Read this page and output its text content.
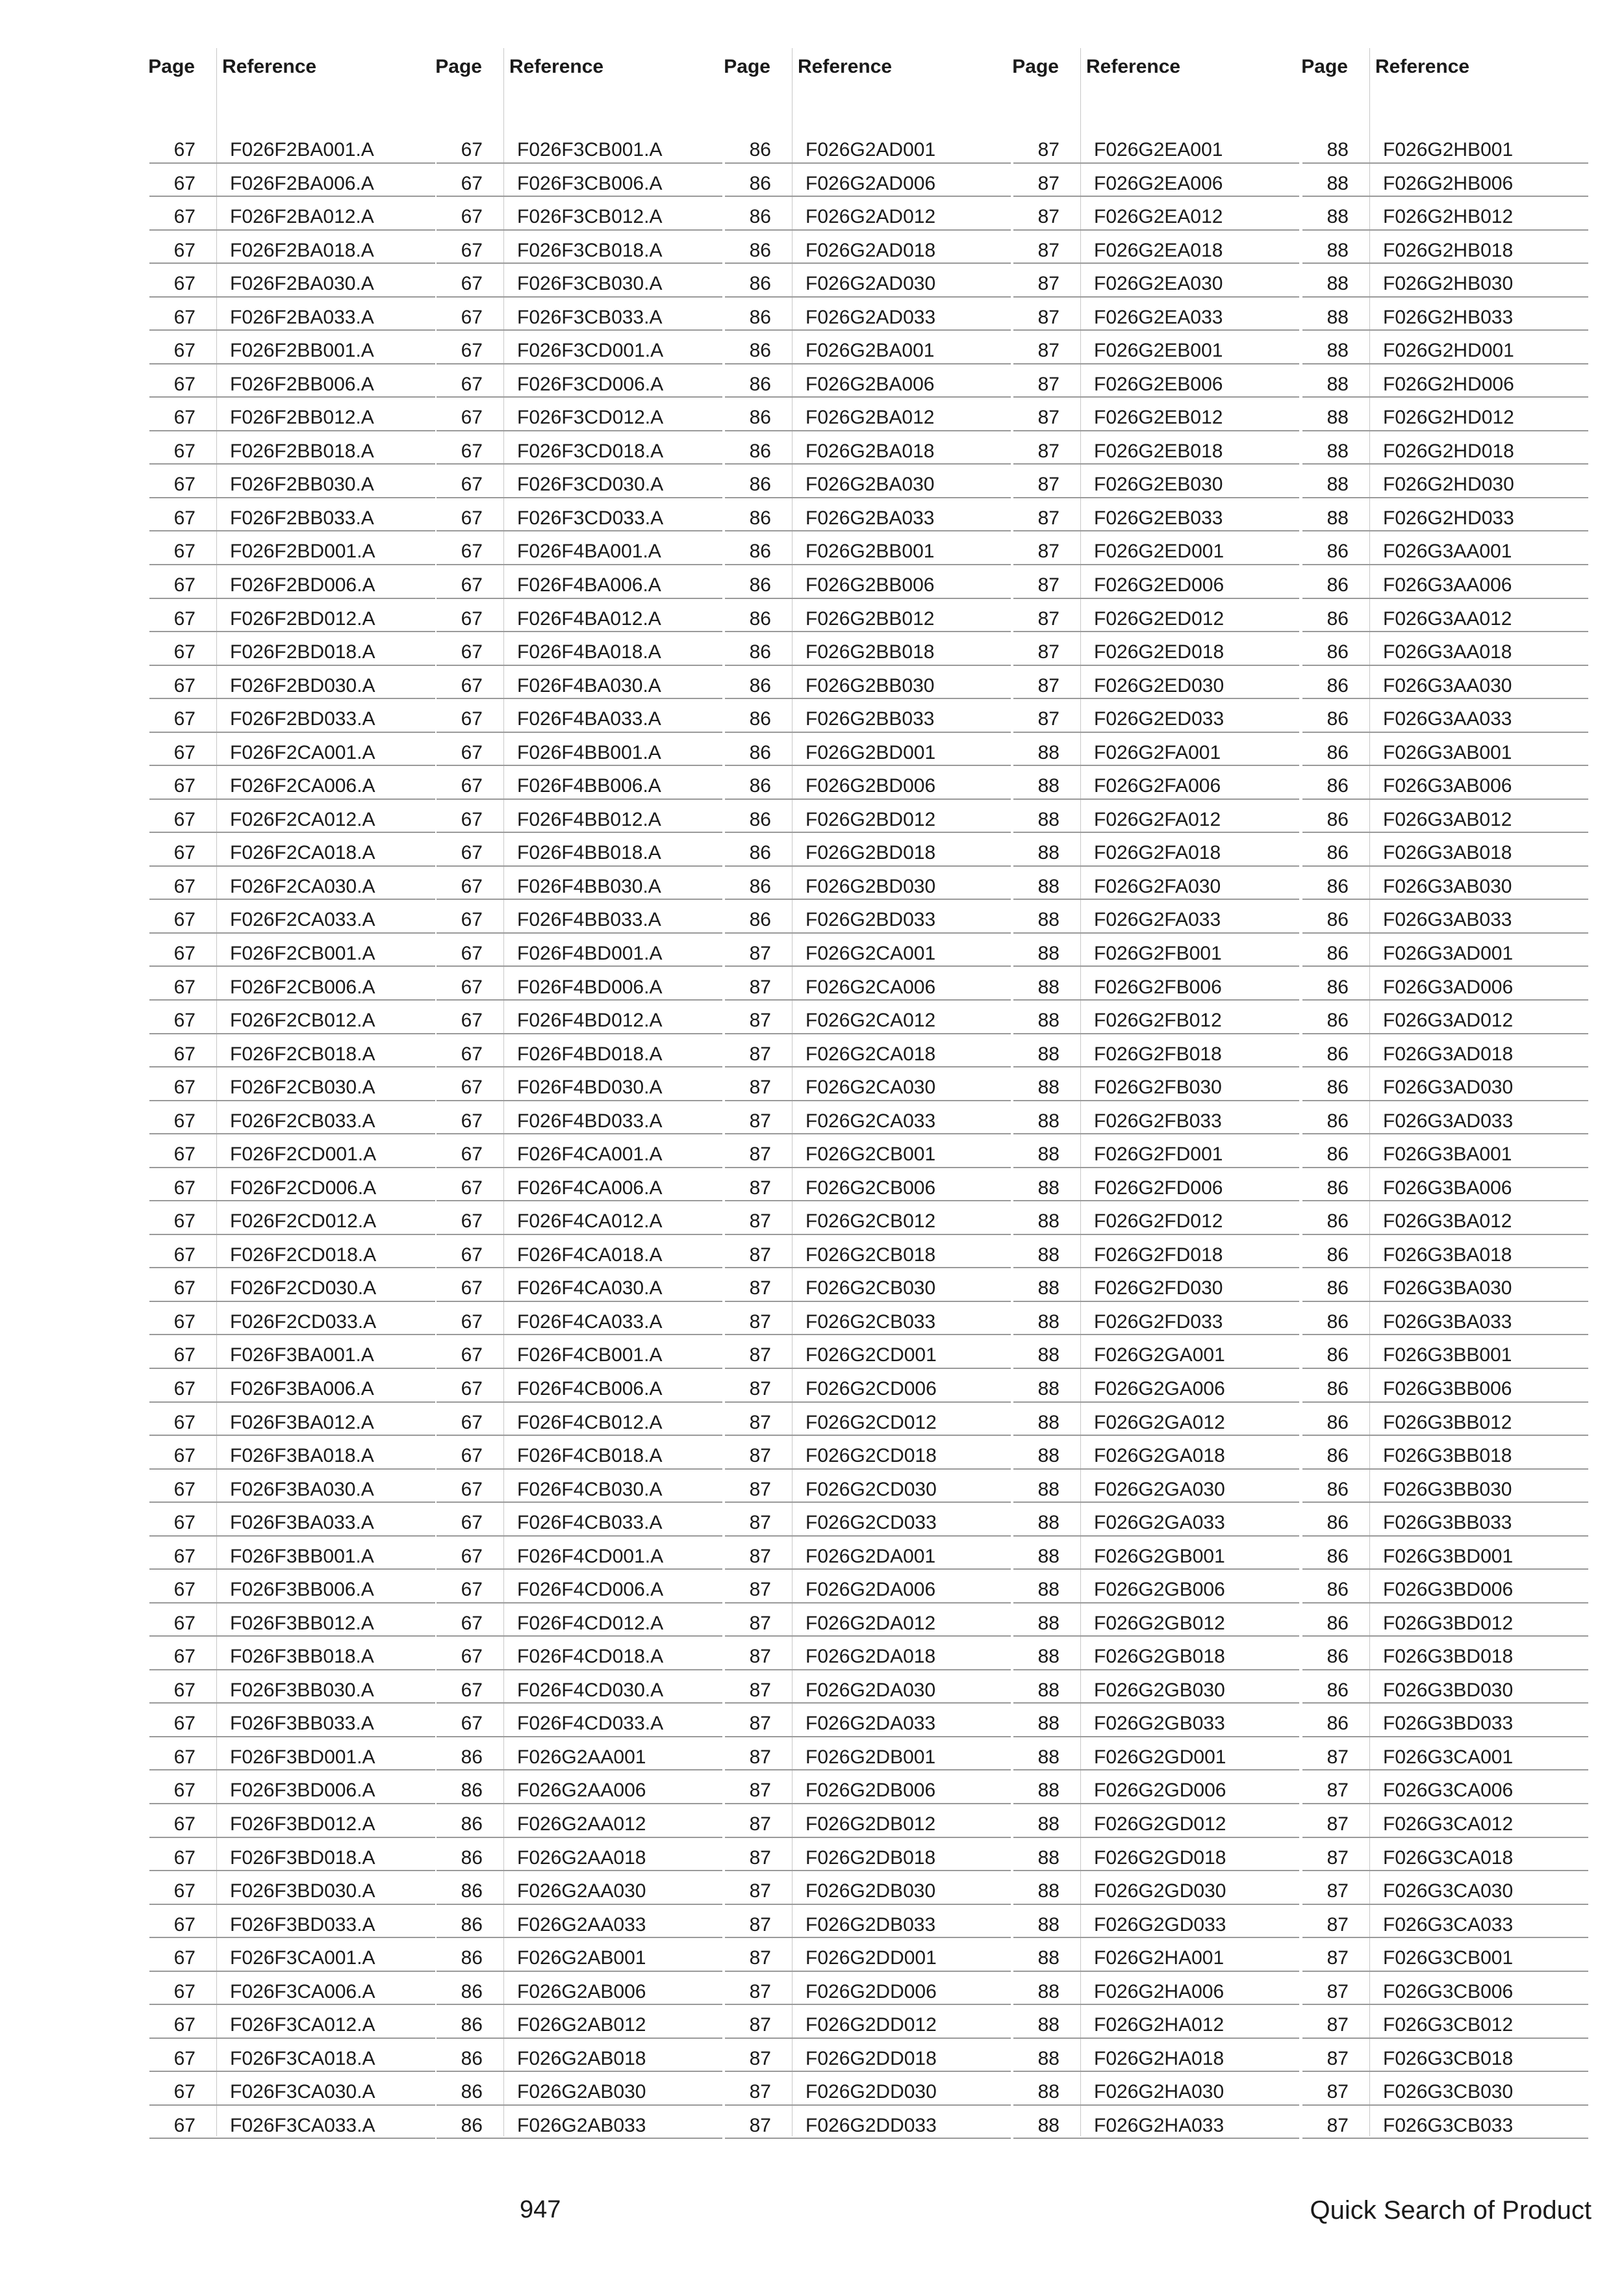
Page Reference
67 F026F2BA001.A
67 F026F2BA006.A
67 F026F2BA012.A
67 F026F2BA018.A
67 F026F2BA030.A
67 F026F2BA033.A
67 F026F2BB001.A
67 F026F2BB006.A
67 F026F2BB012.A
67 F026F2BB018.A
67 F026F2BB030.A
67 F026F2BB033.A
67 F026F2BD001.A
67 F026F2BD006.A
67 F026F2BD012.A
67 F026F2BD018.A
67 F026F2BD030.A
67 F026F2BD033.A
67 F026F2CA001.A
67 F026F2CA006.A
67 F026F2CA012.A
67 F026F2CA018.A
67 F026F2CA030.A
67 F026F2CA033.A
67 F026F2CB001.A
67 F026F2CB006.A
67 F026F2CB012.A
67 F026F2CB018.A
67 F026F2CB030.A
67 F026F2CB033.A
67 F026F2CD001.A
67 F026F2CD006.A
67 F026F2CD012.A
67 F026F2CD018.A
67 F026F2CD030.A
67 F026F2CD033.A
67 F026F3BA001.A
67 F026F3BA006.A
67 F026F3BA012.A
67 F026F3BA018.A
67 F026F3BA030.A
67 F026F3BA033.A
67 F026F3BB001.A
67 F026F3BB006.A
67 F026F3BB012.A
67 F026F3BB018.A
67 F026F3BB030.A
67 F026F3BB033.A
67 F026F3BD001.A
67 F026F3BD006.A
67 F026F3BD012.A
67 F026F3BD018.A
67 F026F3BD030.A
67 F026F3BD033.A
67 F026F3CA001.A
67 F026F3CA006.A
67 F026F3CA012.A
67 F026F3CA018.A
67 F026F3CA030.A
67 F026F3CA033.A
Page Reference
67 F026F3CB001.A
67 F026F3CB006.A
67 F026F3CB012.A
67 F026F3CB018.A
67 F026F3CB030.A
67 F026F3CB033.A
67 F026F3CD001.A
67 F026F3CD006.A
67 F026F3CD012.A
67 F026F3CD018.A
67 F026F3CD030.A
67 F026F3CD033.A
67 F026F4BA001.A
67 F026F4BA006.A
67 F026F4BA012.A
67 F026F4BA018.A
67 F026F4BA030.A
67 F026F4BA033.A
67 F026F4BB001.A
67 F026F4BB006.A
67 F026F4BB012.A
67 F026F4BB018.A
67 F026F4BB030.A
67 F026F4BB033.A
67 F026F4BD001.A
67 F026F4BD006.A
67 F026F4BD012.A
67 F026F4BD018.A
67 F026F4BD030.A
67 F026F4BD033.A
67 F026F4CA001.A
67 F026F4CA006.A
67 F026F4CA012.A
67 F026F4CA018.A
67 F026F4CA030.A
67 F026F4CA033.A
67 F026F4CB001.A
67 F026F4CB006.A
67 F026F4CB012.A
67 F026F4CB018.A
67 F026F4CB030.A
67 F026F4CB033.A
67 F026F4CD001.A
67 F026F4CD006.A
67 F026F4CD012.A
67 F026F4CD018.A
67 F026F4CD030.A
67 F026F4CD033.A
86 F026G2AA001
86 F026G2AA006
86 F026G2AA012
86 F026G2AA018
86 F026G2AA030
86 F026G2AA033
86 F026G2AB001
86 F026G2AB006
86 F026G2AB012
86 F026G2AB018
86 F026G2AB030
86 F026G2AB033
Page Reference
86 F026G2AD001
86 F026G2AD006
86 F026G2AD012
86 F026G2AD018
86 F026G2AD030
86 F026G2AD033
86 F026G2BA001
86 F026G2BA006
86 F026G2BA012
86 F026G2BA018
86 F026G2BA030
86 F026G2BA033
86 F026G2BB001
86 F026G2BB006
86 F026G2BB012
86 F026G2BB018
86 F026G2BB030
86 F026G2BB033
86 F026G2BD001
86 F026G2BD006
86 F026G2BD012
86 F026G2BD018
86 F026G2BD030
86 F026G2BD033
87 F026G2CA001
87 F026G2CA006
87 F026G2CA012
87 F026G2CA018
87 F026G2CA030
87 F026G2CA033
87 F026G2CB001
87 F026G2CB006
87 F026G2CB012
87 F026G2CB018
87 F026G2CB030
87 F026G2CB033
87 F026G2CD001
87 F026G2CD006
87 F026G2CD012
87 F026G2CD018
87 F026G2CD030
87 F026G2CD033
87 F026G2DA001
87 F026G2DA006
87 F026G2DA012
87 F026G2DA018
87 F026G2DA030
87 F026G2DA033
87 F026G2DB001
87 F026G2DB006
87 F026G2DB012
87 F026G2DB018
87 F026G2DB030
87 F026G2DB033
87 F026G2DD001
87 F026G2DD006
87 F026G2DD012
87 F026G2DD018
87 F026G2DD030
87 F026G2DD033
Page Reference
87 F026G2EA001
87 F026G2EA006
87 F026G2EA012
87 F026G2EA018
87 F026G2EA030
87 F026G2EA033
87 F026G2EB001
87 F026G2EB006
87 F026G2EB012
87 F026G2EB018
87 F026G2EB030
87 F026G2EB033
87 F026G2ED001
87 F026G2ED006
87 F026G2ED012
87 F026G2ED018
87 F026G2ED030
87 F026G2ED033
88 F026G2FA001
88 F026G2FA006
88 F026G2FA012
88 F026G2FA018
88 F026G2FA030
88 F026G2FA033
88 F026G2FB001
88 F026G2FB006
88 F026G2FB012
88 F026G2FB018
88 F026G2FB030
88 F026G2FB033
88 F026G2FD001
88 F026G2FD006
88 F026G2FD012
88 F026G2FD018
88 F026G2FD030
88 F026G2FD033
88 F026G2GA001
88 F026G2GA006
88 F026G2GA012
88 F026G2GA018
88 F026G2GA030
88 F026G2GA033
88 F026G2GB001
88 F026G2GB006
88 F026G2GB012
88 F026G2GB018
88 F026G2GB030
88 F026G2GB033
88 F026G2GD001
88 F026G2GD006
88 F026G2GD012
88 F026G2GD018
88 F026G2GD030
88 F026G2GD033
88 F026G2HA001
88 F026G2HA006
88 F026G2HA012
88 F026G2HA018
88 F026G2HA030
88 F026G2HA033
Page Reference
88 F026G2HB001
88 F026G2HB006
88 F026G2HB012
88 F026G2HB018
88 F026G2HB030
88 F026G2HB033
88 F026G2HD001
88 F026G2HD006
88 F026G2HD012
88 F026G2HD018
88 F026G2HD030
88 F026G2HD033
86 F026G3AA001
86 F026G3AA006
86 F026G3AA012
86 F026G3AA018
86 F026G3AA030
86 F026G3AA033
86 F026G3AB001
86 F026G3AB006
86 F026G3AB012
86 F026G3AB018
86 F026G3AB030
86 F026G3AB033
86 F026G3AD001
86 F026G3AD006
86 F026G3AD012
86 F026G3AD018
86 F026G3AD030
86 F026G3AD033
86 F026G3BA001
86 F026G3BA006
86 F026G3BA012
86 F026G3BA018
86 F026G3BA030
86 F026G3BA033
86 F026G3BB001
86 F026G3BB006
86 F026G3BB012
86 F026G3BB018
86 F026G3BB030
86 F026G3BB033
86 F026G3BD001
86 F026G3BD006
86 F026G3BD012
86 F026G3BD018
86 F026G3BD030
86 F026G3BD033
87 F026G3CA001
87 F026G3CA006
87 F026G3CA012
87 F026G3CA018
87 F026G3CA030
87 F026G3CA033
87 F026G3CB001
87 F026G3CB006
87 F026G3CB012
87 F026G3CB018
87 F026G3CB030
87 F026G3CB033
947	Quick Search of Product
